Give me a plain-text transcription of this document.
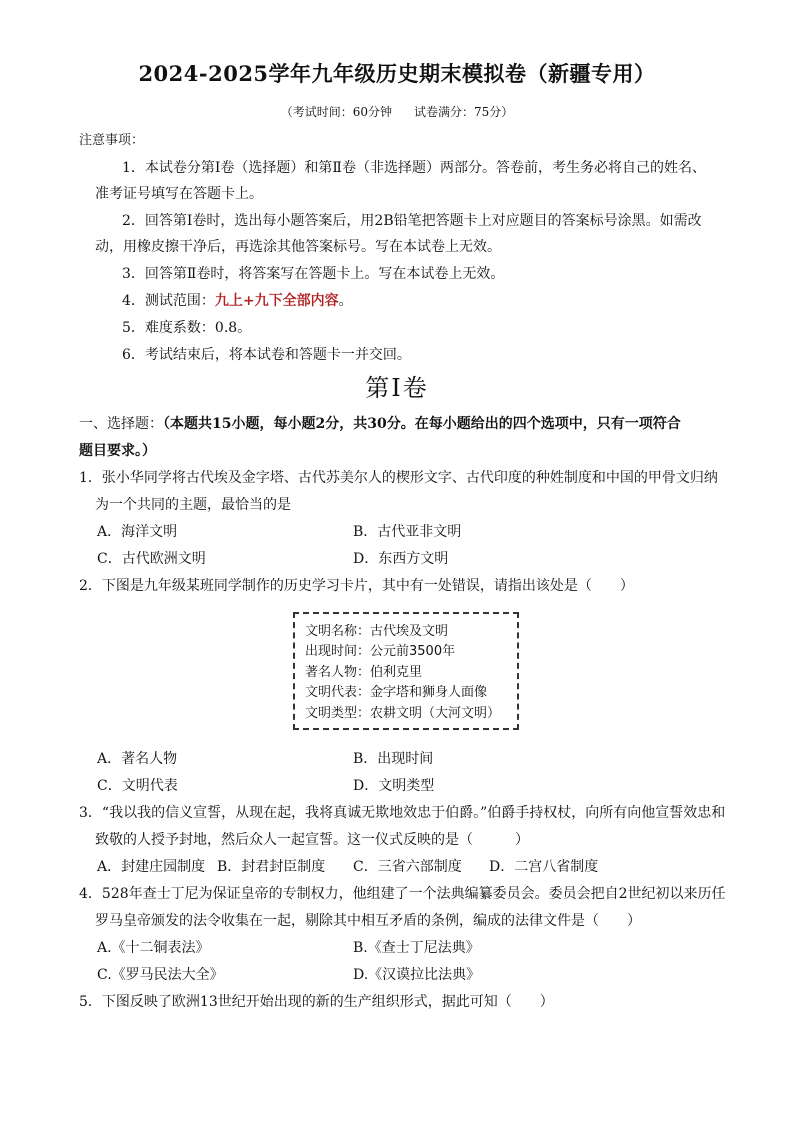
2024-2025学年九年级历史期末模拟卷（新疆专用）
（考试时间：60分钟 试卷满分：75分）
注意事项：
1．本试卷分第Ⅰ卷（选择题）和第Ⅱ卷（非选择题）两部分。答卷前，考生务必将自己的姓名、
准考证号填写在答题卡上。
2．回答第Ⅰ卷时，选出每小题答案后，用2B铅笔把答题卡上对应题目的答案标号涂黑。如需改
动，用橡皮擦干净后，再选涂其他答案标号。写在本试卷上无效。
3．回答第Ⅱ卷时，将答案写在答题卡上。写在本试卷上无效。
4．测试范围：九上+九下全部内容。
5．难度系数：0.8。
6．考试结束后，将本试卷和答题卡一并交回。
第Ⅰ卷
一、选择题：（本题共15小题，每小题2分，共30分。在每小题给出的四个选项中，只有一项符合
题目要求。）
1．张小华同学将古代埃及金字塔、古代苏美尔人的楔形文字、古代印度的种姓制度和中国的甲骨文归纳
为一个共同的主题，最恰当的是
A．海洋文明	B．古代亚非文明
C．古代欧洲文明	D．东西方文明
2．下图是九年级某班同学制作的历史学习卡片，其中有一处错误，请指出该处是（　　）
文明名称：古代埃及文明
出现时间：公元前3500年
著名人物：伯利克里
文明代表：金字塔和狮身人面像
文明类型：农耕文明（大河文明）
A．著名人物	B．出现时间
C．文明代表	D．文明类型
3．“我以我的信义宣誓，从现在起，我将真诚无欺地效忠于伯爵。”伯爵手持权杖，向所有向他宣誓效忠和
致敬的人授予封地，然后众人一起宣誓。这一仪式反映的是（　　　）
A．封建庄园制度 B．封君封臣制度 C．三省六部制度 D．二宫八省制度
4．528年查士丁尼为保证皇帝的专制权力，他组建了一个法典编纂委员会。委员会把自2世纪初以来历任
罗马皇帝颁发的法令收集在一起，剔除其中相互矛盾的条例，编成的法律文件是（　　）
A.《十二铜表法》	B.《查士丁尼法典》
C.《罗马民法大全》	D.《汉谟拉比法典》
5．下图反映了欧洲13世纪开始出现的新的生产组织形式，据此可知（　　）
